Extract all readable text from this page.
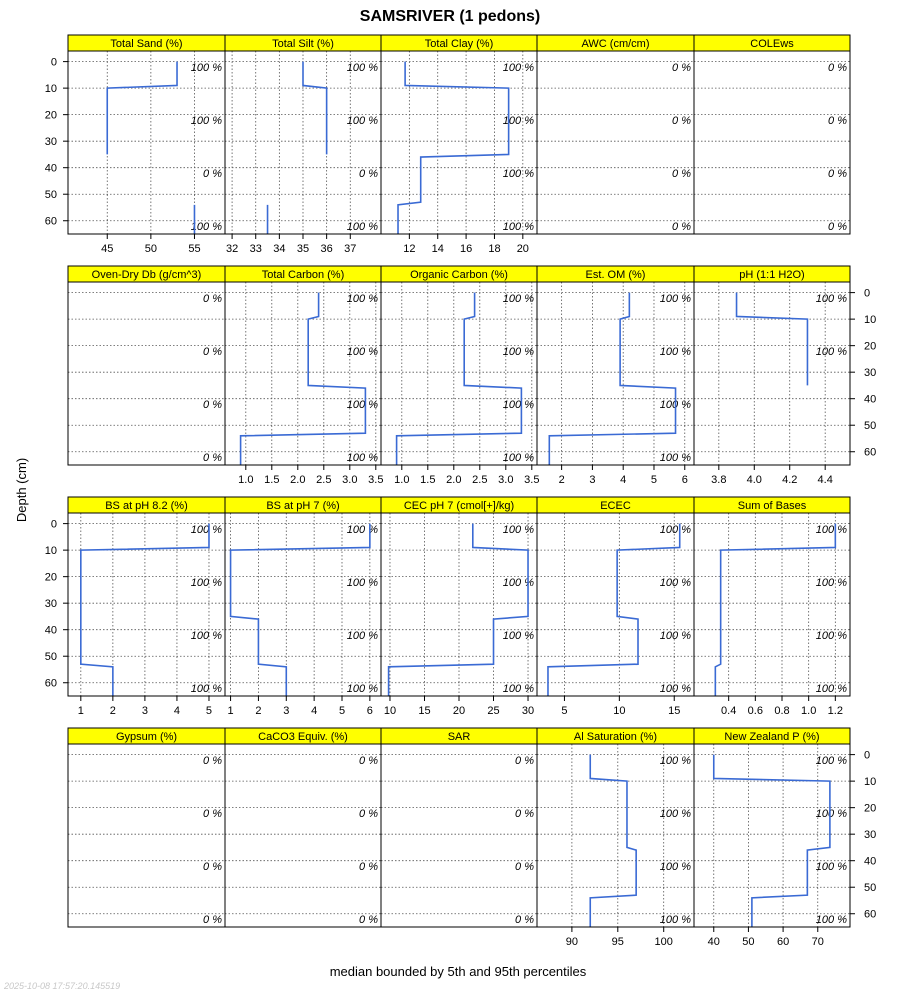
SAMSRIVER (1 pedons)
Total Sand (%)
100 %
100 %
0 %
100 %
45	50	55
Total Silt (%)
100 %
100 %
0 %
100 %
32 33 34 35 36 37
Total Clay (%)
100 %
100 %
100 %
100 %
12 14 16 18 20
AWC (cm/cm)
0 %
0 %
0 %
0 %
COLEws
0 %
0 %
0 %
0 %
Oven-Dry Db (g/cm^3)
0 %
0 %
0 %
0 %
Total Carbon (%)
100 %
100 %
100 %
100 %
1.0 1.5 2.0 2.5 3.0 3.5
Organic Carbon (%)
100 %
100 %
100 %
100 %
1.0 1.5 2.0 2.5 3.0 3.5
Est. OM (%)
100 %
100 %
100 %
100 %
2 3 4 5 6
pH (1:1 H2O)
100 %
100 %
3.8 4.0 4.2 4.4
BS at pH 8.2 (%)
100 %
100 %
100 %
100 %
1 2 3 4 5
BS at pH 7 (%)
100 %
100 %
100 %
100 %
1 2 3 4 5 6
CEC pH 7 (cmol[+]/kg)
100 %
100 %
100 %
100 %
10 15 20 25 30
ECEC
100 %
100 %
100 %
100 %
5	10	15
Sum of Bases
100 %
100 %
100 %
100 %
0.4 0.6 0.8 1.0 1.2
Gypsum (%)
0 %
0 %
0 %
0 %
CaCO3 Equiv. (%)
0 %
0 %
0 %
0 %
SAR
0 %
0 %
0 %
0 %
Al Saturation (%)
100 %
100 %
100 %
100 %
90	95	100
New Zealand P (%)
100 %
100 %
100 %
100 %
40 50 60 70
0
10
20
30
40
50
60
0
10
20
30
40
50
60
0
10
20
30
40
50
60
0
10
20
30
40
50
60
Depth (cm)
median bounded by 5th and 95th percentiles
2025-10-08 17:57:20.145519
